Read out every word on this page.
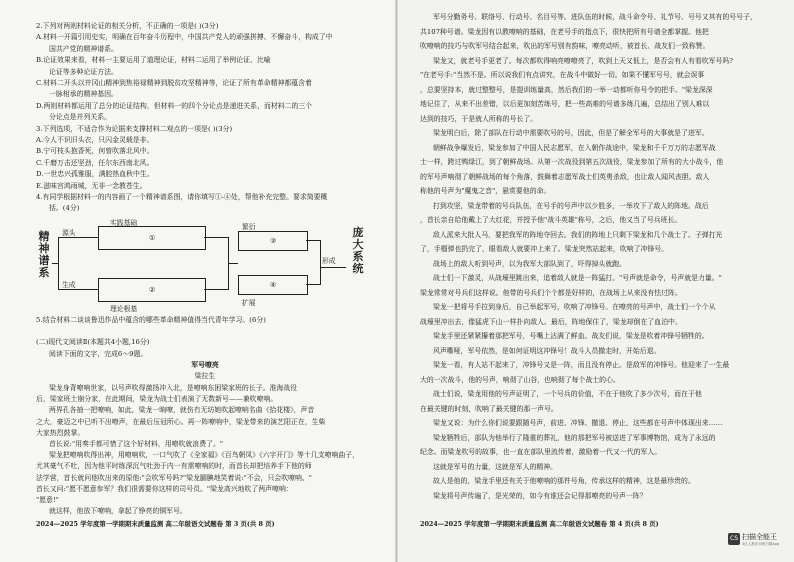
精神谱系
源头
生成
实践基础
①
②
理论根基
繁衍
③
④
扩展
形成
庞大系统
2024—2025 学年度第一学期期末质量监测 高二年级语文试题卷 第 3 页(共 8 页)	2024—2025 学年度第一学期期末质量监测 高二年级语文试题卷 第 4 页(共 8 页)
CS 扫描全能王
3亿人都在用的扫描App
2.下列对两则材料论证的相关分析，不正确的一项是( )(3分)
A.材料一开篇引用史实，明确在百年奋斗历程中，中国共产党人的顽强拼搏、不懈奋斗，构成了中
国共产党的精神谱系。
B.论证效果来看，材料一主要运用了道理论证，材料二运用了举例论证、比喻
论证等多种论证方法。
C.材料二开头以井冈山精神到焦裕禄精神到脱贫攻坚精神等，论证了所有革命精神都蕴含着
一脉相承的精神基因。
D.两则材料都运用了总分的论证结构，但材料一的四个分论点是递进关系，而材料二的三个
分论点是并列关系。
3.下列选项，不适合作为论据来支撑材料二观点的一项是( )(3分)
A.今人不识旧头衣，只闪金灵载是非。
B.宁可枝头抱香死，何曾吹落北风中。
C.千磨万击还坚劲，任尔东西南北风。
D.一世忠兴孤雅服，满腔热血秋中生。
E.滋味宫鸿雨城，无非一念教苍生。
4.有同学根据材料一的内容画了一个精神谱系图，请你填写①-④处，帮他补充完整。要求简要概
括。(4分)
5.结合材料二谈谈鲁迅作品中蕴含的哪些革命精神值得当代青年学习。(6分)
(二)现代文阅读Ⅱ(本题共4小题,16分)
阅读下面的文字，完成6～9题。
军号嘹亮
梁拉生
梁龙身背嘹响世家，以号声吹得激扬冲入北，是嘹响东困梁家班的长子。淮海战役
后，梁家班土崩分家，在此期间，梁龙为战士们表演了无数新号——兼吹嘹响。
两界孔各抽一把嘹响，如此，梁龙一晌嘹，就伤冇无坊她吹起嘹响名曲《拾花楼》，声音
之大，豪迈之中已听不出嘹声，在最后压冠所心。再一阵嘹响中，梁龙带来的演艺阳正在，生柴
大家热烈鼓掌。
首长说:"用奏手都可惜了这个好材料，用嘹吹就浪费了。"
梁龙把嘹响吹得出神，用嘹响吹，一口气吹了《全家福》《百鸟朝凤》《六字开门》等十几支嘹响曲子，
尤其豪气不吐，因为他平时练深沉气吐劲于内一有需嘹响的时，而首长却把培养手下他的师
法学营，首长就问他吹出来的原他:"会吹军号吗?"梁龙腼腆地笑着说:"不会，只会吹嘹响。"
首长又问:"愿不愿意参军？我们很需要你这样的司号员。"梁龙高兴地吹了两声嘹响：
"愿意!"
就这样，他放下嘹响，拿起了铮亮的铜军号。
军号分勤务号、联络号、行动号、名目号等。进队伍的时候，战斗命令号、礼节号、号号又其有的号号子，
共107种号谱。梁龙因有以教嘹响的基础，在老号手的指点下，很快把所有号谱全都掌握。他把
吹嘹响的技巧与吹军号结合起来，吹出的军号别有韵味，嘹亮动听，被首长、战友们一致称赞。
梁龙又，就老号手更老了。每次都吹得响亮嘹嘹亮了，吹到上天又低上，是否会有人有看吹军号吗?
"在老号手:"当然不是。所以说我们有点讲究，在战斗中做好一切。如果不懂军号号，就会误事
，总要坚持本，就过整整号，是提训练量高，然后我们的一举一动都听你号令的把手。"梁龙深深
地记住了，从来不出差错，以后更加刻苦练号，把一些高难的号谱多练几遍，总结出了别人难以
达到的技巧，于是就人所称的号长了。
梁龙明白后，除了部队在行动中需要吹号的号，因此，但是了解全军号的大事就是了进军。
朝鲜战争爆发后，梁龙参加了中国人民志愿军，在入朝作战途中，梁龙和千千万万的志愿军战
士一样，跨过鸭绿江，到了朝鲜战场。从第一次战役到第五次战役，梁龙参加了所有的大小战斗，他
的军号声响彻了朝鲜战场的每个角落，鼓舞着志愿军战士们英勇杀敌，也让敌人闻风丧胆。敌人
称他的号声为"魔鬼之音"，悬赏要他的命。
打到攻坚，梁龙带着的号兵队伍，在号手的号声中以少胜多，一举攻下了敌人的阵地。战后
，首长亲自给他戴上了大红花，并授予他"战斗英雄"称号，之后，他又当了号兵班长。
敌人派来大批人马，要把我军的阵地夺回去。我们的阵地上只剩下梁龙和几个战士了。子弹打光
了，手榴弹也扔完了，眼看敌人就要冲上来了。梁龙突然站起来，吹响了冲锋号。
战场上的敌人听到号声，以为我军大部队到了，吓得掉头就跑。
战士们一下激灵，从战壕里跳出来，追着敌人就是一阵猛打。"号声就是命令，号声就是力量。"
梁龙常常对号兵们这样说。他带的号兵们个个都是好样的，在战场上从来没有怯过阵。
梁龙一把将号手拉到身后，自己举起军号，吹响了冲锋号。在嘹亮的号声中，战士们一个个从
战壕里冲出去，像猛虎下山一样扑向敌人。最后，阵地保住了，梁龙却倒在了血泊中。
梁龙手里还紧紧攥着那把军号，号嘴上沾满了鲜血。战友们说，梁龙是吹着冲锋号牺牲的。
风声嘶哑，军号依然，是如何证明这冲锋号！战斗人员撤走时，开始后退。
梁龙一看，有人站不起来了，冲锋号又是一阵，而且没有停止。是敌军的冲锋号。他迎来了一生最
大的一次战斗，他的号声，响彻了山谷，也响彻了每个战士的心。
战士们说，梁龙用他的号声证明了，一个号兵的价值，不在于他吹了多少次号，而在于他
在最关键的时刻，吹响了最关键的那一声号。
梁龙又说：为什么你们说要跟随号声，前进、冲锋、撤退、停止，这些都在号声中体现出来……
梁龙牺牲后，部队为他举行了隆重的葬礼，他的那把军号被送进了军事博物馆，成为了永远的
纪念。而梁龙吹号的故事，也一直在部队里流传着，激励着一代又一代的军人。
这就是军号的力量，这就是军人的精神。
故人是他的，梁龙手里还有关于他嘹响的那件号角，传承这样的精神，这是最珍贵的。
梁龙将号声传遍了，是光荣的，如今有谁还会记得那嘹亮的号声一阵？
